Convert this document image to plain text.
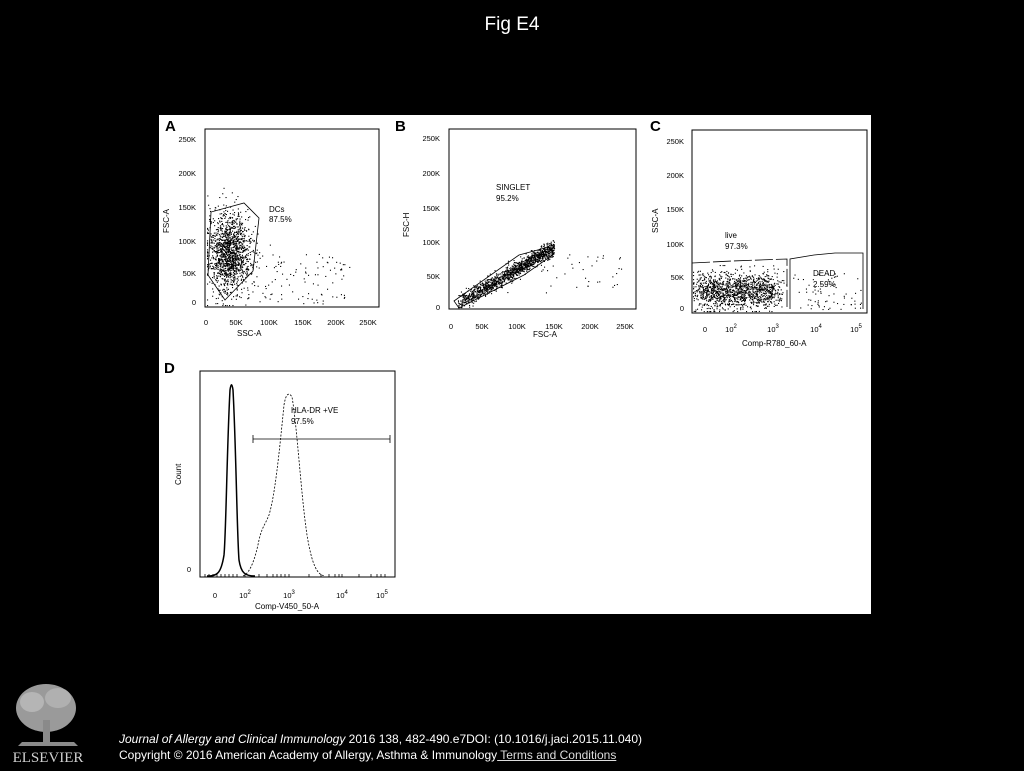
Fig E4
A
250K
200K
150K
100K
50K
0
0	50K 100K 150K 200K 250K
SSC-A
FSC-A	DCs
87.5%
B
250K
200K
150K
100K
50K
0
0	50K	100K	150K 200K 250K
FSC-A
FSC-H
SINGLET
95.2%
C
250K
200K
150K
100K
50K
0
0 $10^2$	$10^3$	$10^4$	$10^5$
Comp-R780_60-A
SSC-A
live
97.3%
DEAD
2.59%
D
0
0	$10^2$	$10^3$	$10^4$	$10^5$
Comp-V450_50-A
Count
HLA-DR +VE
97.5%
ELSEVIER
Journal of Allergy and Clinical Immunology 2016 138, 482-490.e7DOI: (10.1016/j.jaci.2015.11.040)
Copyright © 2016 American Academy of Allergy, Asthma & Immunology Terms and Conditions
